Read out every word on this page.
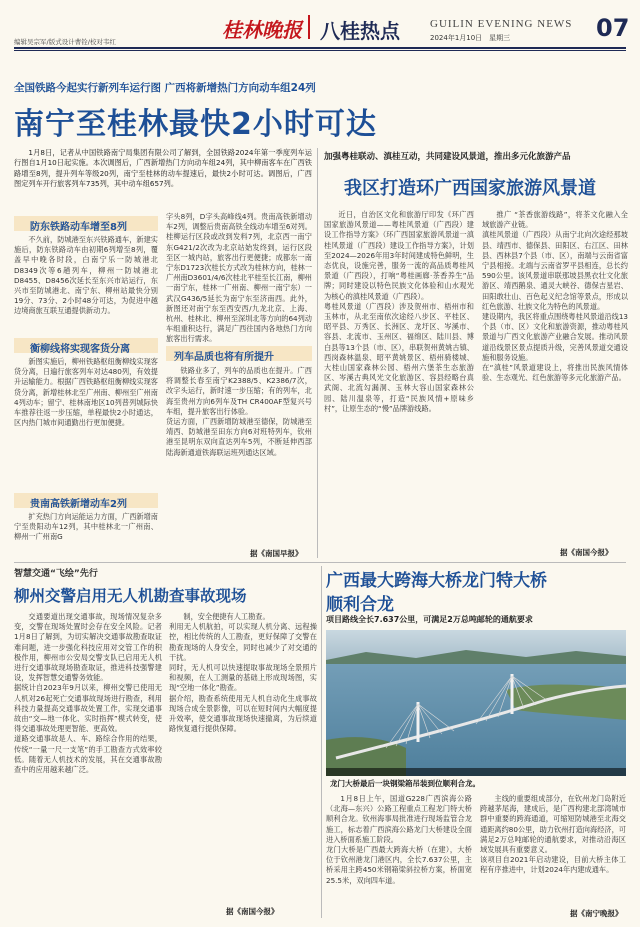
编辑吴宗军/版式设计曹铨/校对韦红	桂林晚报 八桂热点	GUILIN EVENING NEWS
2024年1月10日　星期三	07
全国铁路今起实行新列车运行图 广西将新增热门方向动车组24列
南宁至桂林最快2小时可达
1月8日，记者从中国铁路南宁局集团有限公司了解到，全国铁路2024年第一季度列车运行图自1月10日起实施。本次调图后，广西新增热门方向动车组24列，其中柳南客车在广西铁路增至8列，提升列车等级20列，南宁至桂林的动车提速后，最快2小时可达。调图后，广西图定列车开行旅客列车735列，其中动车组657列。
防东铁路动车增至8列
不久前，防城港至东兴铁路通车，新建实施后，防东铁路动车由初期6列增至8列，覆盖早中晚各时段，白南宁乐一防城港北D8349次等6趟列车，柳州一防城港北D8455、D8456次延长至东兴市站运行，东兴市至防城港北、南宁东、柳州站最快分别19分、73分、2小时48分可达，为促进中越边境商旅互联互通提供新动力。
衡柳线将实现客货分离
新图实施后，柳州铁路枢纽衡柳线实现客货分离，日遍行旅客列车对达480列，有效提升运输能力。根据广西铁路枢纽衡柳线实现客货分离，新增桂林北至广州南、柳州至广州南4列动车；留宁、桂林南地区10列普列城际快车推荐往返一步压缩，单程最快2小时通达，区内热门城市间通勤出行更加便捷。
贵南高铁新增动车2列
扩充热门方向运能运力方面，广西新增南宁至贵阳动车12列，其中桂林北一广州南、柳州一广州南G
字头8列，D字头高峰线4列。贵南高铁新增动车2列，调整后贵南高铁全线动车增至6对列。桂柳运行区段或改到发料7列，北京西一南宁东G421/2次改为北京站始发终到，运行区段至区一城内站，旅客出行更便捷；成都东一南宁东D1723次桂长方式改为桂林方向，桂林一广州南D3601/4/6次桂北平桂至长江南，柳州一南宁东，桂林一广州南、柳州一南宁东）一武汉G436/5延长为南宁东至济南西。此外，新图还对南宁东至西安西/九龙北京、上海、杭州、桂林北、柳州至深圳北等方向的64列动车组重积达行，满足广西往国内各地热门方向旅客出行需求。
列车品质也将有所提升
铁路业多了，列车的品质也在提升。广西将调整长春至南宁K2388/5、K2386/7次，改字头运行，新时速一步压缩；有的列车，北海至贵州方向6列车及TH CR400AF型复兴号车组，提升旅客出行体验。
货运方面，广西新增防城港至德保，防城港至靖西、防城港至田东方向6对班特列车，钦州港至昆明东双向直达列车5列，不断延伸西部陆海新通道铁海联运班列通达区域。
据《南国早报》
加强粤桂联动、滇桂互动，共同建设风景道，推出多元化旅游产品
我区打造环广西国家旅游风景道
近日，自治区文化和旅游厅印发《环广西国家旅游风景道——粤桂风景道（广西段）建设工作指导方案》（环广西国家旅游风景道一滇桂风景道（广西段）建设工作指导方案》，计划至2024—2026年用3年时间建成特色鲜明，生态优良，设施完善，服务一流的高品质粤桂风景道（广西段），打响“粤桂画廊·茶香养生”品牌；同时建设以特色民族文化体验和山水观光为核心的滇桂风景道（广西段）。
粤桂风景道（广西段）涉及贺州市、梧州市和玉林市，从北至南依次途经八步区、平桂区、昭平县、万秀区、长洲区、龙圩区、岑溪市、容县、北流市、玉州区、福绵区、陆川县、博白县等13个县（市、区），串联贺州黄姚古镇、西岗森林温泉、昭平黄姚景区、梧州骑楼城、大桂山国家森林公园、梧州六堡茶生态旅游区、岑溪古典风光文化旅游区、容县经略台真武阁、北流勾漏洞、玉林大容山国家森林公园、陆川温泉等，打造“民族风情+原味乡村”，让原生态的“慢”品牌游线路。
推广 “茶香旅游线路”，将茶文化融入全域旅游产业链。
滇桂风景道（广西段）从南宁北向次途经那坡县、靖西市、德保县、田阳区、右江区、田林县、西林县7个县（市、区），南端与云南省富宁县相接。北端与云南省罗平县相连，总长约590公里。该风景道串联那坡县黑衣壮文化旅游区、靖西鹅泉、通灵大峡谷、德保吉星岩、田阳敢壮山、百色起义纪念馆等景点，形成以红色旅游、壮族文化为特色的风景道。
建设期内，我区将重点围绕粤桂风景道沿线13个县（市、区）文化和旅游资源，推动粤桂风景道与广西文化旅游产业融合发展。推动风景道沿线景区景点提质升级，完善风景道交通设施和服务设施。
在“滇桂”风景道建设上，将推出民族风情体验、生态观光、红色旅游等多元化旅游产品。
据《南国今报》
智慧交通“飞绘”先行
柳州交警启用无人机勘查事故现场
交通要道出现交通事故，现场情况复杂多变，交警在现场处置时会存在安全风险。记者1月8日了解到，为切实解决交通事故勘查取证难问题，进一步强化科技应用对交管工作的积极作用，柳州市公安局交警支队已启用无人机进行交通事故现场勘查取证，推进科技强警建设，发挥智慧交通警务效能。
据统计自2023年9月以来，柳州交警已使用无人机对26起死亡交通事故现场进行勘查，利用科技力量提高交通事故处置工作，实现交通事故由“交—地一体化、实时指挥”模式转变，使得交通事故处理更智能、更高效。
道路交通事故是人、车、路综合作用的结果，传统“一量一尺一支笔”的手工勘查方式效率较低。随着无人机技术的发展，其在交通事故勘查中的应用越来越广泛。
制，安全便捷有人工勘查。
利用无人机航拍，可以实现人机分离、远程操控，相比传统的人工勘查，更好保障了交警在勘查现场的人身安全，同时也减少了对交通的干扰。
同时，无人机可以快速提取事故现场全景照片和视频，在人工测量的基础上形成现场图，实现“空地一体化”勘查。
据介绍，勘查系统使用无人机自动化生成事故现场合成全景影像，可以在短时间内大幅度提升效率，使交通事故现场快速撤离，为后续道路恢复通行提供保障。
据《南国今报》
广西最大跨海大桥龙门特大桥
顺利合龙
项目路线全长7.637公里，可满足2万总吨邮轮的通航要求
龙门大桥最后一块钢梁箱吊装到位顺利合龙。
1月8日上午，国道G228广西滨海公路（北海—东兴）公路工程重点工程龙门特大桥顺利合龙。钦州海事局批准进行现场监管合龙施工，标志着广西滨海公路龙门大桥建设全面进入桥面系施工阶段。
龙门大桥是广西最大跨海大桥（在建），大桥位于钦州港龙门港区内，全长7.637公里，主桥采用主跨450米钢箱梁斜拉桥方案，桥面宽25.5米，双向四车道。
主线的重要组成部分，在钦州龙门岛附近跨越茅尾海，建成后，是广西构建北部湾城市群中重要的跨海通道，可缩短防城港至北海交通距离约80公里，助力钦州打造向海经济，可满足2万总吨邮轮的通航要求，对推动沿海区域发展具有重要意义。
该项目自2021年启动建设，目前大桥主体工程有序推进中，计划2024年内建成通车。
据《南宁晚报》
